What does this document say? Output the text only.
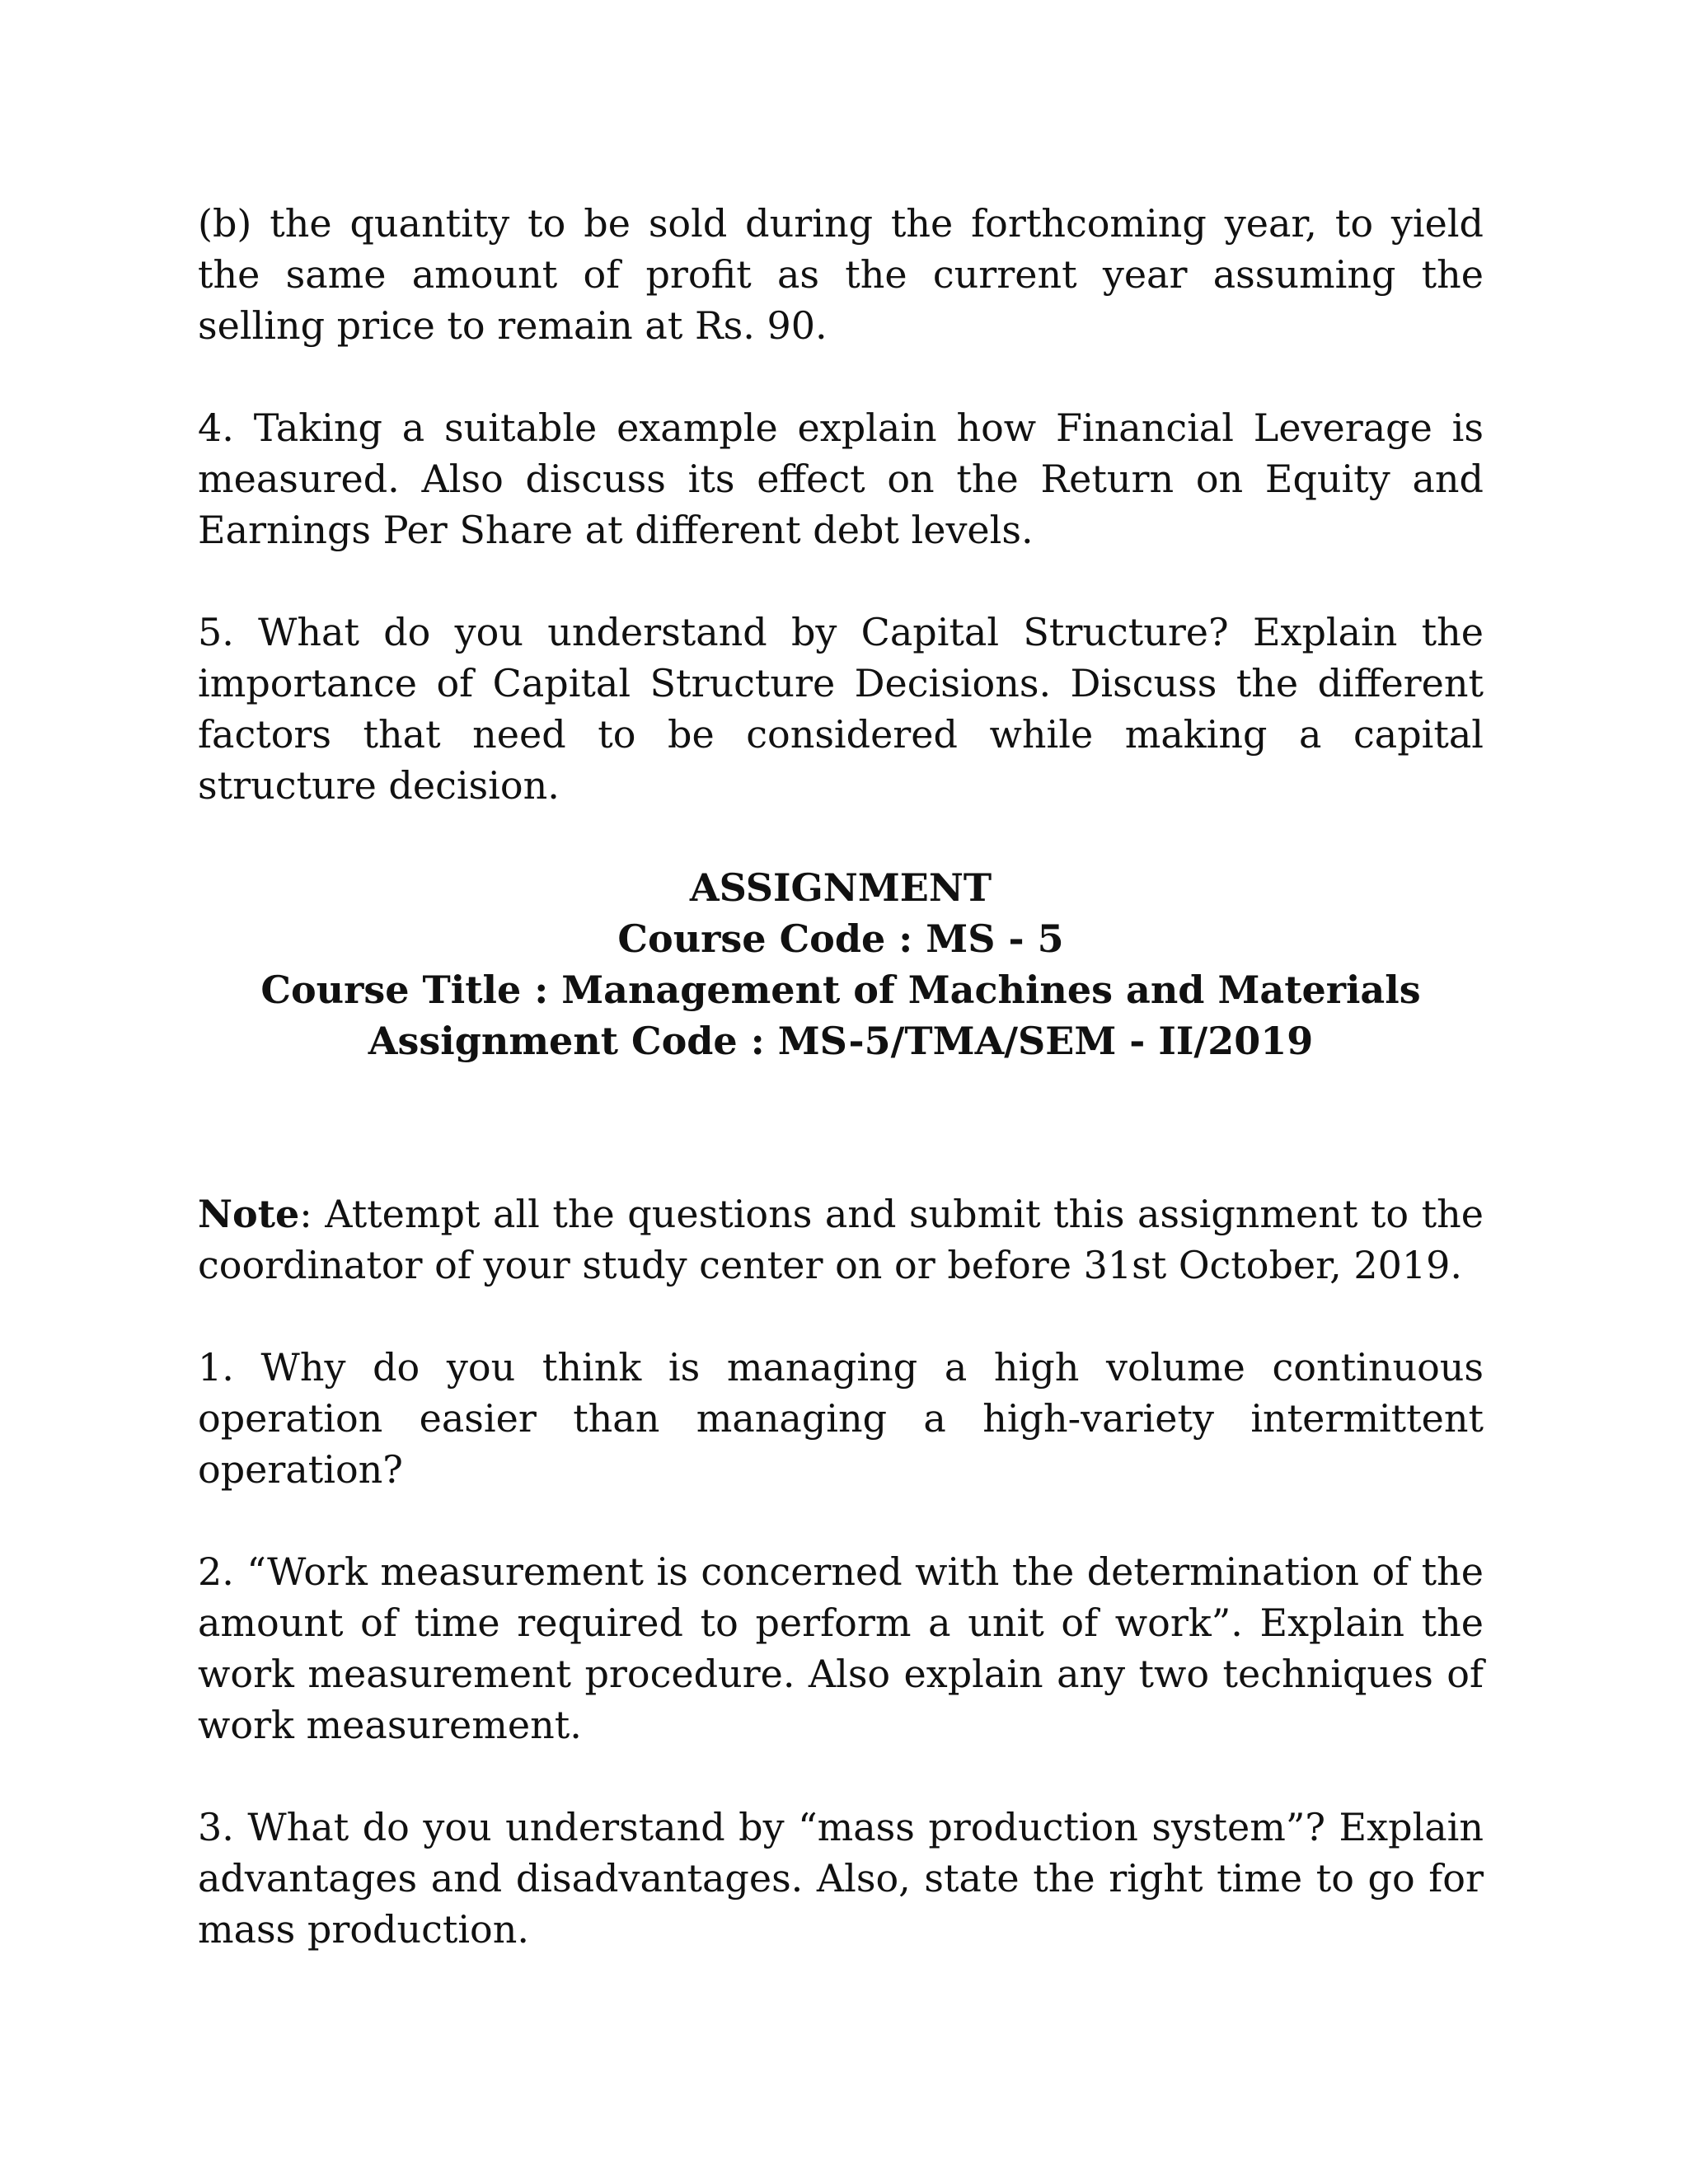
(b) the quantity to be sold during the forthcoming year, to yield the same amount of profit as the current year assuming the selling price to remain at Rs. 90.

4. Taking a suitable example explain how Financial Leverage is measured. Also discuss its effect on the Return on Equity and Earnings Per Share at different debt levels.

5. What do you understand by Capital Structure? Explain the importance of Capital Structure Decisions. Discuss the different factors that need to be considered while making a capital structure decision.

ASSIGNMENT
Course Code : MS - 5
Course Title : Management of Machines and Materials
Assignment Code : MS-5/TMA/SEM - II/2019

Note: Attempt all the questions and submit this assignment to the coordinator of your study center on or before 31st October, 2019.

1. Why do you think is managing a high volume continuous operation easier than managing a high-variety intermittent operation?

2. “Work measurement is concerned with the determination of the amount of time required to perform a unit of work”. Explain the work measurement procedure. Also explain any two techniques of work measurement.

3. What do you understand by “mass production system”? Explain advantages and disadvantages. Also, state the right time to go for mass production.
